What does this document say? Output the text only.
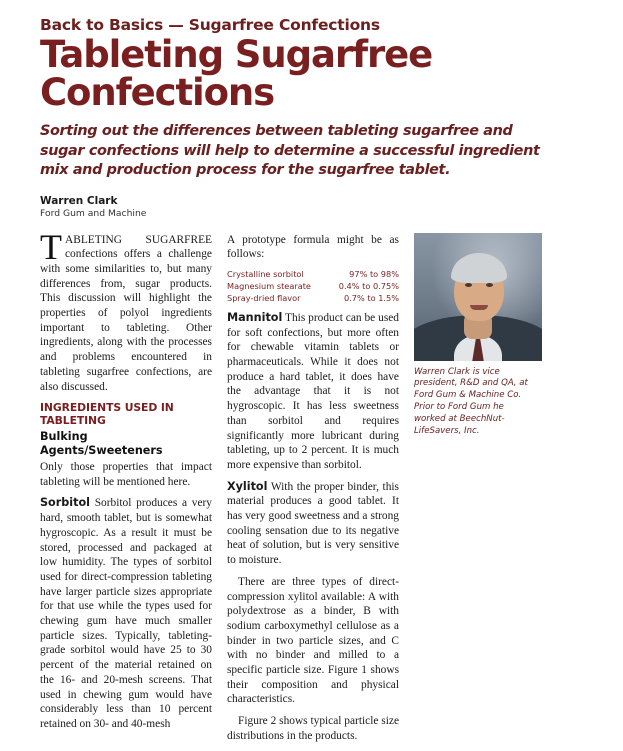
Back to Basics — Sugarfree Confections
Tableting Sugarfree
Confections
Sorting out the differences between tableting sugarfree and sugar confections will help to determine a successful ingredient mix and production process for the sugarfree tablet.
Warren Clark
Ford Gum and Machine

TABLETING SUGARFREE confections offers a challenge with some similarities to, but many differences from, sugar products. This discussion will highlight the properties of polyol ingredients important to tableting. Other ingredients, along with the processes and problems encountered in tableting sugarfree confections, are also discussed.

INGREDIENTS USED IN TABLETING
Bulking Agents/Sweeteners

Only those properties that impact tableting will be mentioned here.

Sorbitol Sorbitol produces a very hard, smooth tablet, but is somewhat hygroscopic. As a result it must be stored, processed and packaged at low humidity. The types of sorbitol used for direct-compression tableting have larger particle sizes appropriate for that use while the types used for chewing gum have much smaller particle sizes. Typically, tableting-grade sorbitol would have 25 to 30 percent of the material retained on the 16- and 20-mesh screens. That used in chewing gum would have considerably less than 10 percent retained on 30- and 40-mesh

A prototype formula might be as follows:

Crystalline sorbitol	97% to 98%
Magnesium stearate	0.4% to 0.75%
Spray-dried flavor	0.7% to 1.5%

Mannitol This product can be used for soft confections, but more often for chewable vitamin tablets or pharmaceuticals. While it does not produce a hard tablet, it does have the advantage that it is not hygroscopic. It has less sweetness than sorbitol and requires significantly more lubricant during tableting, up to 2 percent. It is much more expensive than sorbitol.

Xylitol With the proper binder, this material produces a good tablet. It has very good sweetness and a strong cooling sensation due to its negative heat of solution, but is very sensitive to moisture.

There are three types of direct-compression xylitol available: A with polydextrose as a binder, B with sodium carboxymethyl cellulose as a binder in two particle sizes, and C with no binder and milled to a specific particle size. Figure 1 shows their composition and physical characteristics.

Figure 2 shows typical particle size distributions in the products.

Warren Clark is vice president, R&D and QA, at Ford Gum & Machine Co. Prior to Ford Gum he worked at BeechNut-LifeSavers, Inc.
